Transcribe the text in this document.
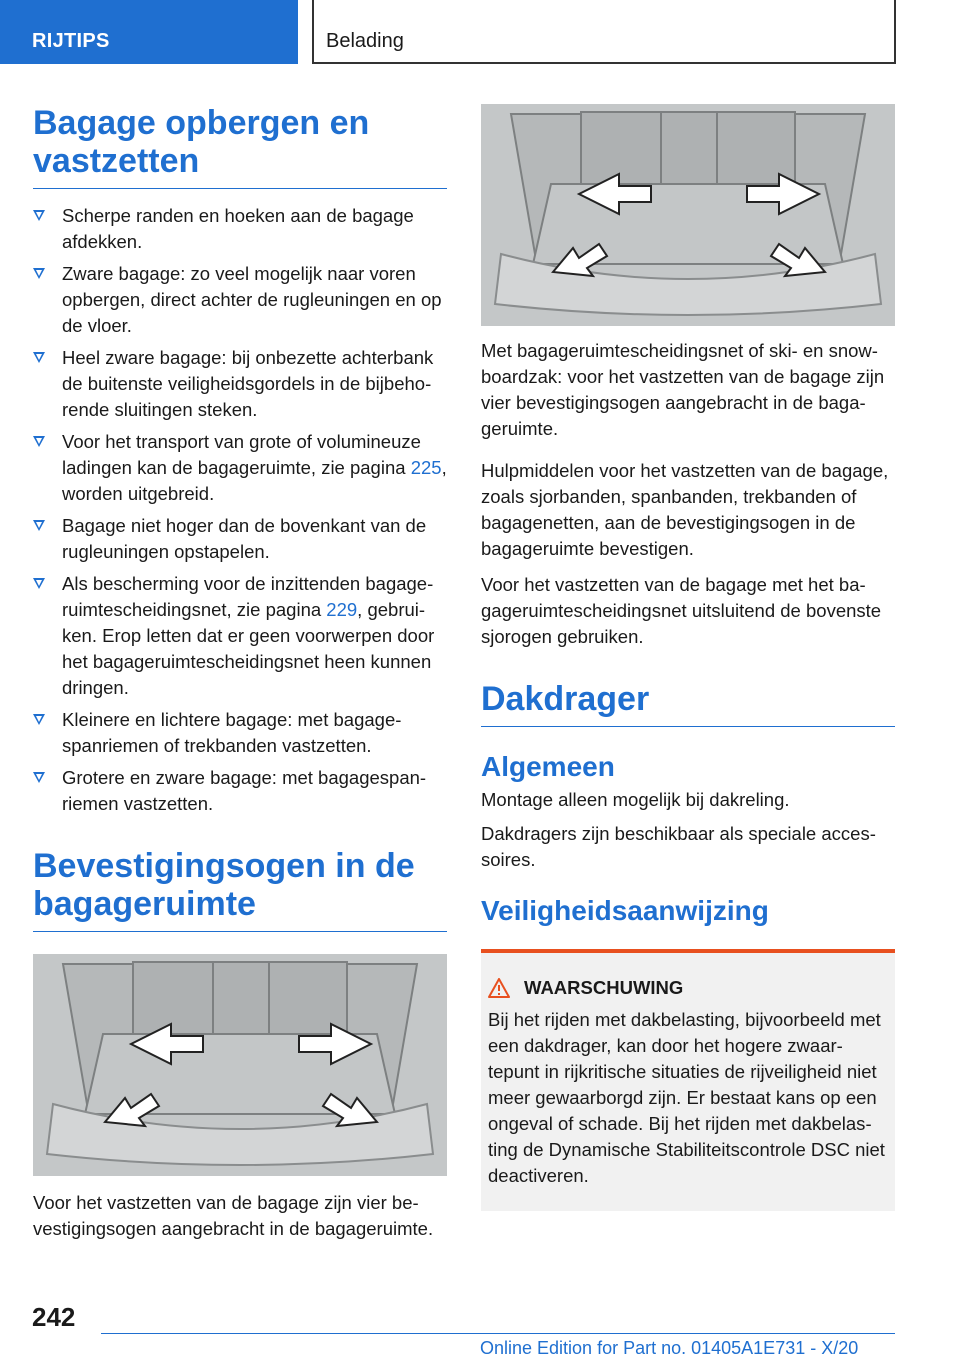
RIJTIPS	Belading
Bagage opbergen en vastzetten
Scherpe randen en hoeken aan de bagage afdekken.
Zware bagage: zo veel mogelijk naar voren opbergen, direct achter de rugleuningen en op de vloer.
Heel zware bagage: bij onbezette achterbank de buitenste veiligheidsgordels in de bijbehorende sluitingen steken.
Voor het transport van grote of volumineuze ladingen kan de bagageruimte, zie pagina 225, worden uitgebreid.
Bagage niet hoger dan de bovenkant van de rugleuningen opstapelen.
Als bescherming voor de inzittenden bagageruimtescheidingsnet, zie pagina 229, gebruiken. Erop letten dat er geen voorwerpen door het bagageruimtescheidingsnet heen kunnen dringen.
Kleinere en lichtere bagage: met bagagespanriemen of trekbanden vastzetten.
Grotere en zware bagage: met bagagespanriemen vastzetten.
Bevestigingsogen in de bagageruimte

Voor het vastzetten van de bagage zijn vier bevestigingsogen aangebracht in de bagageruimte.

Met bagageruimtescheidingsnet of ski- en snowboardzak: voor het vastzetten van de bagage zijn vier bevestigingsogen aangebracht in de bagageruimte.

Hulpmiddelen voor het vastzetten van de bagage, zoals sjorbanden, spanbanden, trekbanden of bagagenetten, aan de bevestigingsogen in de bagageruimte bevestigen.

Voor het vastzetten van de bagage met het bagageruimtescheidingsnet uitsluitend de bovenste sjorogen gebruiken.

Dakdrager
Algemeen

Montage alleen mogelijk bij dakreling.

Dakdragers zijn beschikbaar als speciale accessoires.

Veiligheidsaanwijzing
WAARSCHUWING

Bij het rijden met dakbelasting, bijvoorbeeld met een dakdrager, kan door het hogere zwaartepunt in rijkritische situaties de rijveiligheid niet meer gewaarborgd zijn. Er bestaat kans op een ongeval of schade. Bij het rijden met dakbelasting de Dynamische Stabiliteitscontrole DSC niet deactiveren.

242
Online Edition for Part no. 01405A1E731 - X/20
